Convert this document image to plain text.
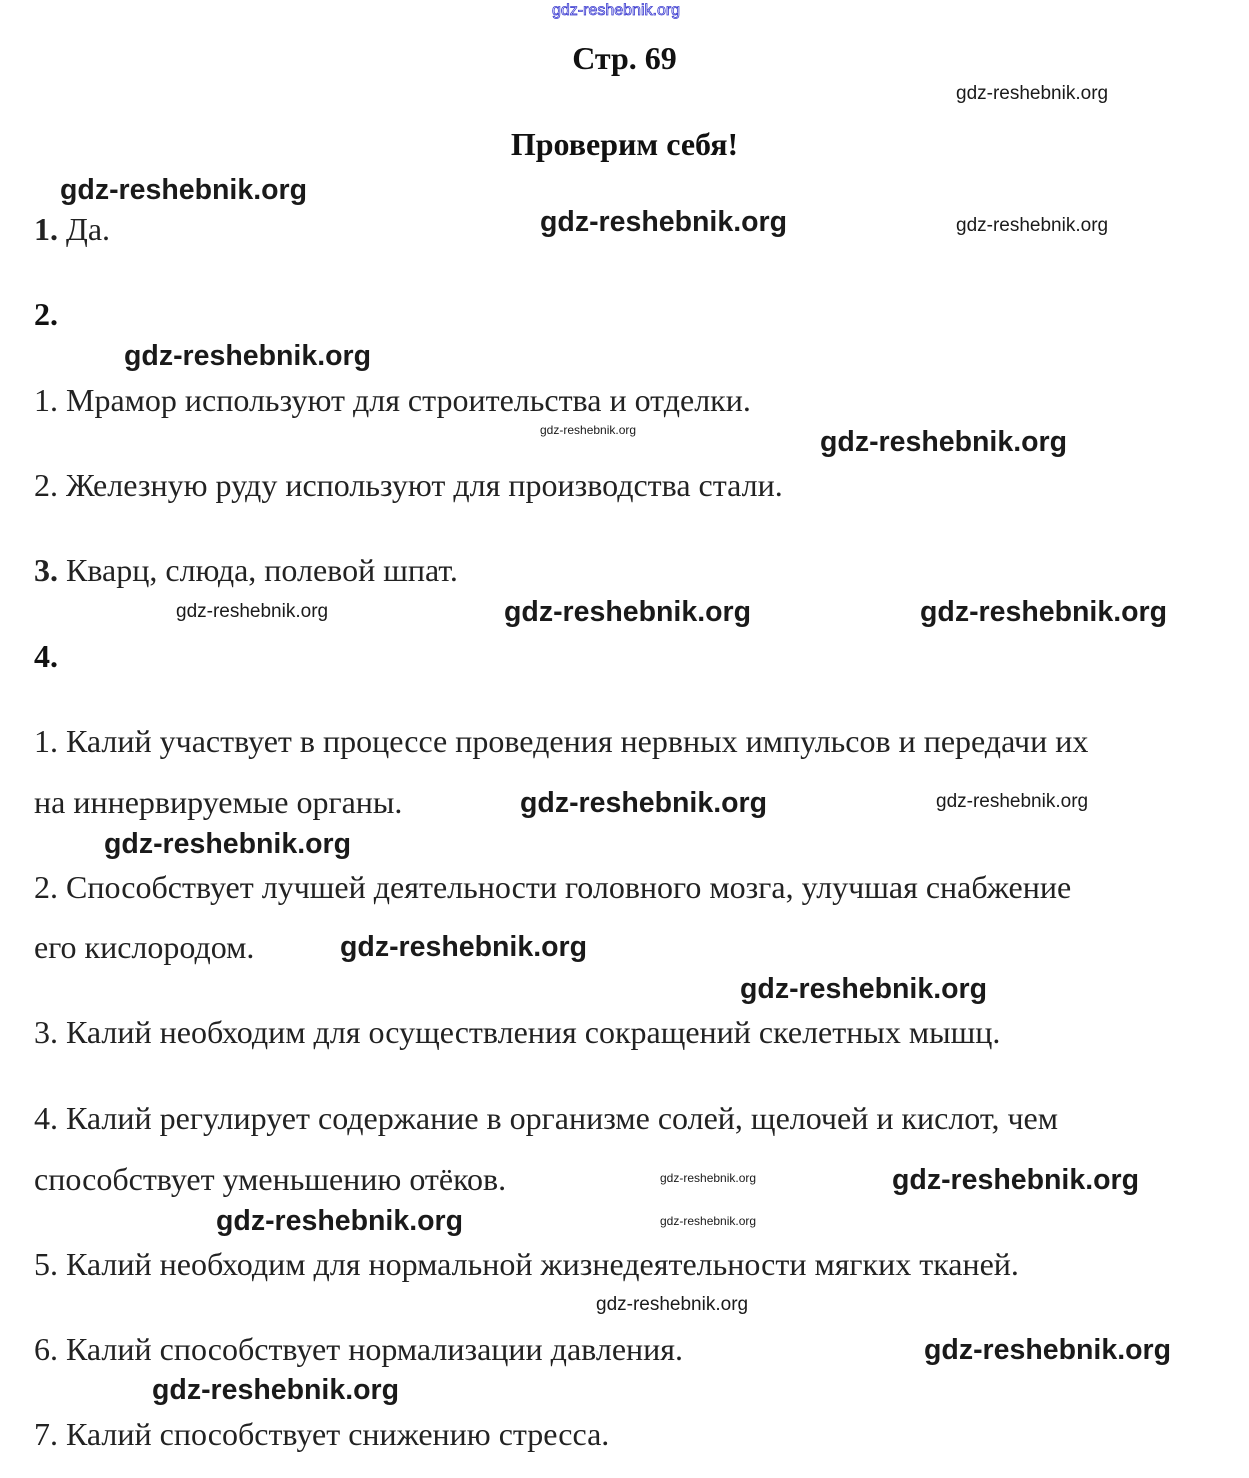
gdz-reshebnik.org
Стр. 69
Проверим себя!
1. Да.
2.
1. Мрамор используют для строительства и отделки.
2. Железную руду используют для производства стали.
3. Кварц, слюда, полевой шпат.
4.
1. Калий участвует в процессе проведения нервных импульсов и передачи их
на иннервируемые органы.
2. Способствует лучшей деятельности головного мозга, улучшая снабжение
его кислородом.
3. Калий необходим для осуществления сокращений скелетных мышц.
4. Калий регулирует содержание в организме солей, щелочей и кислот, чем
способствует уменьшению отёков.
5. Калий необходим для нормальной жизнедеятельности мягких тканей.
6. Калий способствует нормализации давления.
7. Калий способствует снижению стресса.
gdz-reshebnik.org
gdz-reshebnik.org
gdz-reshebnik.org
gdz-reshebnik.org
gdz-reshebnik.org	gdz-reshebnik.org
gdz-reshebnik.org
gdz-reshebnik.org
gdz-reshebnik.org
gdz-reshebnik.org
gdz-reshebnik.org
gdz-reshebnik.org
gdz-reshebnik.org
gdz-reshebnik.org
gdz-reshebnik.org
gdz-reshebnik.org
gdz-reshebnik.org
gdz-reshebnik.org
gdz-reshebnik.org
gdz-reshebnik.org
gdz-reshebnik.org
gdz-reshebnik.org
